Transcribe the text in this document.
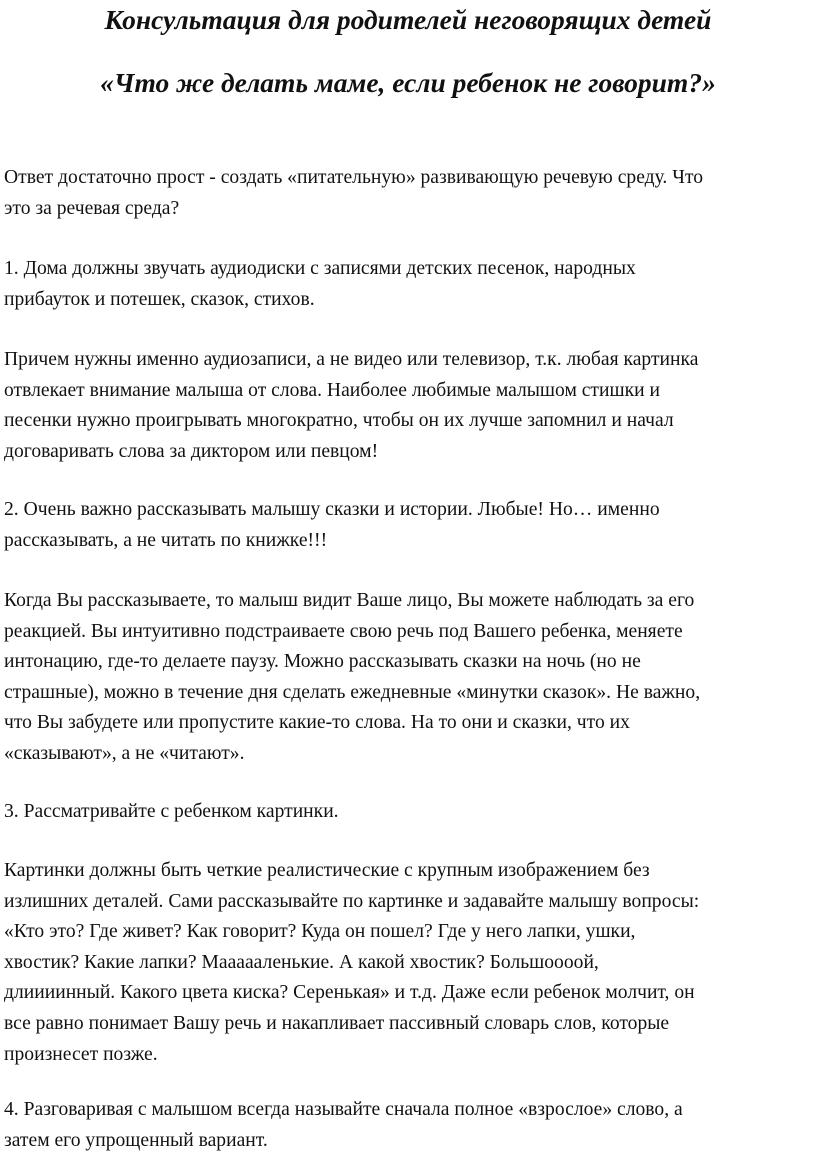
Консультация для родителей неговорящих детей
«Что же делать маме, если ребенок не говорит?»
Ответ достаточно прост - создать «питательную» развивающую речевую среду. Что
это за речевая среда?
1. Дома должны звучать аудиодиски с записями детских песенок, народных
прибауток и потешек, сказок, стихов.
Причем нужны именно аудиозаписи, а не видео или телевизор, т.к. любая картинка
отвлекает внимание малыша от слова. Наиболее любимые малышом стишки и
песенки нужно проигрывать многократно, чтобы он их лучше запомнил и начал
договаривать слова за диктором или певцом!
2. Очень важно рассказывать малышу сказки и истории. Любые! Но… именно
рассказывать, а не читать по книжке!!!
Когда Вы рассказываете, то малыш видит Ваше лицо, Вы можете наблюдать за его
реакцией. Вы интуитивно подстраиваете свою речь под Вашего ребенка, меняете
интонацию, где-то делаете паузу. Можно рассказывать сказки на ночь (но не
страшные), можно в течение дня сделать ежедневные «минутки сказок». Не важно,
что Вы забудете или пропустите какие-то слова. На то они и сказки, что их
«сказывают», а не «читают».
3. Рассматривайте с ребенком картинки.
Картинки должны быть четкие реалистические с крупным изображением без
излишних деталей. Сами рассказывайте по картинке и задавайте малышу вопросы:
«Кто это? Где живет? Как говорит? Куда он пошел? Где у него лапки, ушки,
хвостик? Какие лапки? Маааааленькие. А какой хвостик? Большоооой,
длиииинный. Какого цвета киска? Серенькая» и т.д. Даже если ребенок молчит, он
все равно понимает Вашу речь и накапливает пассивный словарь слов, которые
произнесет позже.
4. Разговаривая с малышом всегда называйте сначала полное «взрослое» слово, а
затем его упрощенный вариант.
